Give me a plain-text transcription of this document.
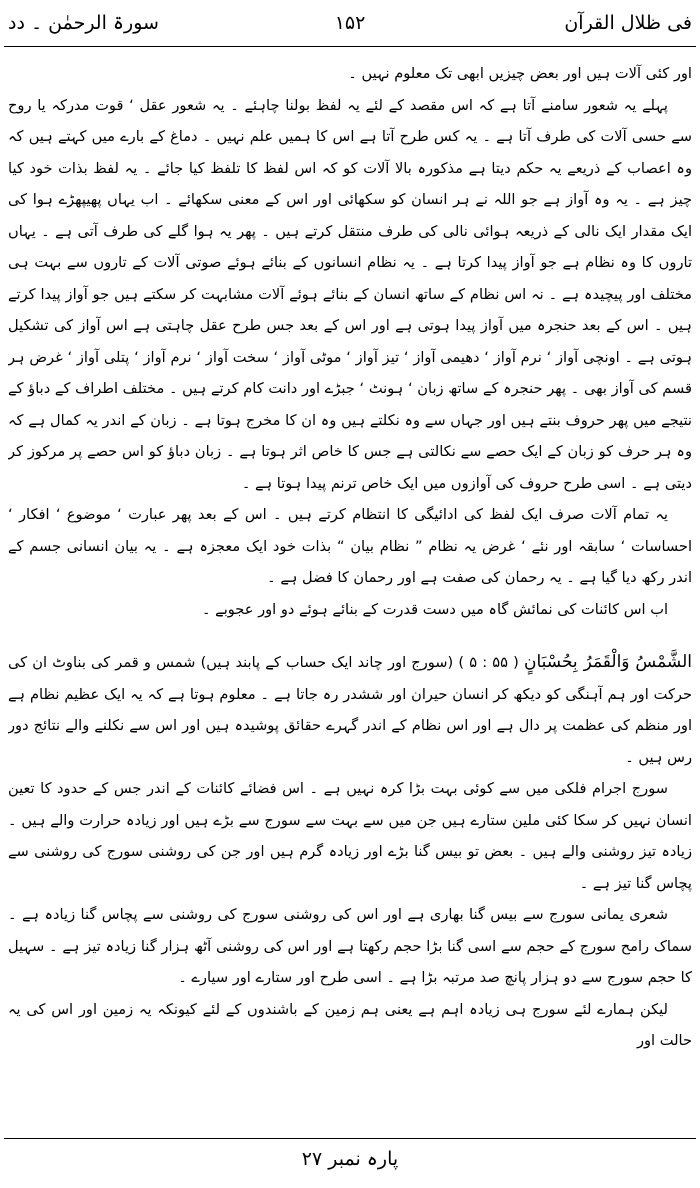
فی ظلال القرآن
۱۵۲
سورۃ الرحمٰن ۔ دد

اور کئی آلات ہیں اور بعض چیزیں ابھی تک معلوم نہیں ۔

پہلے یہ شعور سامنے آتا ہے کہ اس مقصد کے لئے یہ لفظ بولنا چاہئے ۔ یہ شعور عقل ‘ قوت مدرکہ یا روح سے حسی آلات کی طرف آتا ہے ۔ یہ کس طرح آتا ہے اس کا ہمیں علم نہیں ۔ دماغ کے بارے میں کہتے ہیں کہ وہ اعصاب کے ذریعے یہ حکم دیتا ہے مذکورہ بالا آلات کو کہ اس لفظ کا تلفظ کیا جائے ۔ یہ لفظ بذات خود کیا چیز ہے ۔ یہ وہ آواز ہے جو اللہ نے ہر انسان کو سکھائی اور اس کے معنی سکھائے ۔ اب یہاں پھیپھڑے ہوا کی ایک مقدار ایک نالی کے ذریعہ ہوائی نالی کی طرف منتقل کرتے ہیں ۔ پھر یہ ہوا گلے کی طرف آتی ہے ۔ یہاں تاروں کا وہ نظام ہے جو آواز پیدا کرتا ہے ۔ یہ نظام انسانوں کے بنائے ہوئے صوتی آلات کے تاروں سے بہت ہی مختلف اور پیچیدہ ہے ۔ نہ اس نظام کے ساتھ انسان کے بنائے ہوئے آلات مشابہت کر سکتے ہیں جو آواز پیدا کرتے ہیں ۔ اس کے بعد حنجرہ میں آواز پیدا ہوتی ہے اور اس کے بعد جس طرح عقل چاہتی ہے اس آواز کی تشکیل ہوتی ہے ۔ اونچی آواز ‘ نرم آواز ‘ دھیمی آواز ‘ تیز آواز ‘ موٹی آواز ‘ سخت آواز ‘ نرم آواز ‘ پتلی آواز ‘ غرض ہر قسم کی آواز بھی ۔ پھر حنجرہ کے ساتھ زبان ‘ ہونٹ ‘ جبڑے اور دانت کام کرتے ہیں ۔ مختلف اطراف کے دباؤ کے نتیجے میں پھر حروف بنتے ہیں اور جہاں سے وہ نکلتے ہیں وہ ان کا مخرج ہوتا ہے ۔ زبان کے اندر یہ کمال ہے کہ وہ ہر حرف کو زبان کے ایک حصے سے نکالتی ہے جس کا خاص اثر ہوتا ہے ۔ زبان دباؤ کو اس حصے پر مرکوز کر دیتی ہے ۔ اسی طرح حروف کی آوازوں میں ایک خاص ترنم پیدا ہوتا ہے ۔

یہ تمام آلات صرف ایک لفظ کی ادائیگی کا انتظام کرتے ہیں ۔ اس کے بعد پھر عبارت ‘ موضوع ‘ افکار ‘ احساسات ‘ سابقہ اور نئے ‘ غرض یہ نظام ” نظام بیان “ بذات خود ایک معجزہ ہے ۔ یہ بیان انسانی جسم کے اندر رکھ دیا گیا ہے ۔ یہ رحمان کی صفت ہے اور رحمان کا فضل ہے ۔

اب اس کائنات کی نمائش گاہ میں دست قدرت کے بنائے ہوئے دو اور عجوبے ۔

الشَّمْسُ وَالْقَمَرُ بِحُسْبَانٍ ( ۵۵ : ۵ ) (سورج اور چاند ایک حساب کے پابند ہیں) شمس و قمر کی بناوٹ ان کی حرکت اور ہم آہنگی کو دیکھ کر انسان حیران اور ششدر رہ جاتا ہے ۔ معلوم ہوتا ہے کہ یہ ایک عظیم نظام ہے اور منظم کی عظمت پر دال ہے اور اس نظام کے اندر گہرے حقائق پوشیدہ ہیں اور اس سے نکلنے والے نتائج دور رس ہیں ۔

سورج اجرام فلکی میں سے کوئی بہت بڑا کرہ نہیں ہے ۔ اس فضائے کائنات کے اندر جس کے حدود کا تعین انسان نہیں کر سکا کئی ملین ستارے ہیں جن میں سے بہت سے سورج سے بڑے ہیں اور زیادہ حرارت والے ہیں ۔ زیادہ تیز روشنی والے ہیں ۔ بعض تو بیس گنا بڑے اور زیادہ گرم ہیں اور جن کی روشنی سورج کی روشنی سے پچاس گنا تیز ہے ۔

شعری یمانی سورج سے بیس گنا بھاری ہے اور اس کی روشنی سورج کی روشنی سے پچاس گنا زیادہ ہے ۔ سماک رامح سورج کے حجم سے اسی گنا بڑا حجم رکھتا ہے اور اس کی روشنی آٹھ ہزار گنا زیادہ تیز ہے ۔ سہیل کا حجم سورج سے دو ہزار پانچ صد مرتبہ بڑا ہے ۔ اسی طرح اور ستارے اور سیارے ۔

لیکن ہمارے لئے سورج ہی زیادہ اہم ہے یعنی ہم زمین کے باشندوں کے لئے کیونکہ یہ زمین اور اس کی یہ حالت اور

پارہ نمبر ۲۷
